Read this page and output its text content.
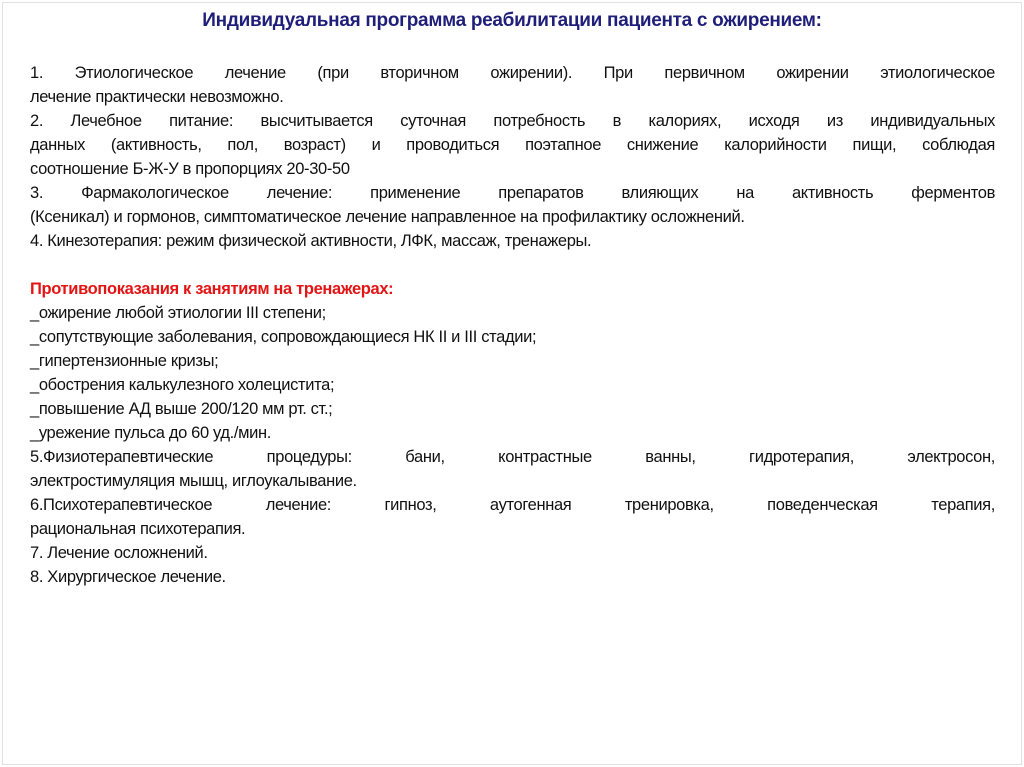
Индивидуальная программа реабилитации пациента с ожирением:
1. Этиологическое лечение (при вторичном ожирении). При первичном ожирении этиологическое
лечение практически невозможно.
2. Лечебное питание: высчитывается суточная потребность в калориях, исходя из индивидуальных
данных (активность, пол, возраст) и проводиться поэтапное снижение калорийности пищи, соблюдая
соотношение Б-Ж-У в пропорциях 20-30-50
3. Фармакологическое лечение: применение препаратов влияющих на активность ферментов
(Ксеникал) и гормонов, симптоматическое лечение направленное на профилактику осложнений.
4. Кинезотерапия: режим физической активности, ЛФК, массаж, тренажеры.
Противопоказания к занятиям на тренажерах:
_ожирение любой этиологии III степени;
_сопутствующие заболевания, сопровождающиеся НК II и III стадии;
_гипертензионные кризы;
_обострения калькулезного холецистита;
_повышение АД выше 200/120 мм рт. ст.;
_урежение пульса до 60 уд./мин.
5.Физиотерапевтические процедуры: бани, контрастные ванны, гидротерапия, электросон,
электростимуляция мышц, иглоукалывание.
6.Психотерапевтическое лечение: гипноз, аутогенная тренировка, поведенческая терапия,
рациональная психотерапия.
7. Лечение осложнений.
8. Хирургическое лечение.
